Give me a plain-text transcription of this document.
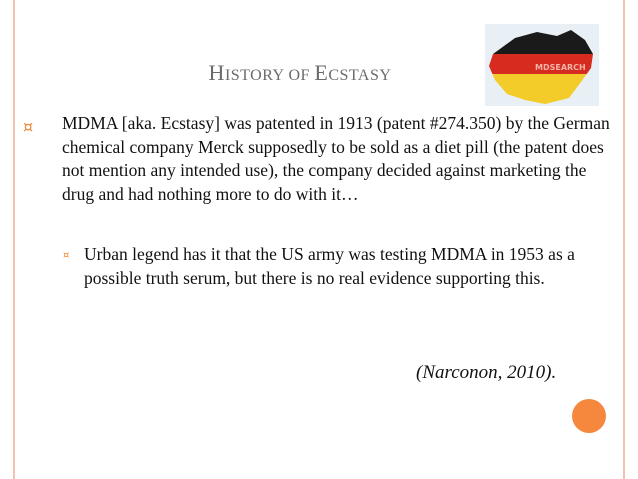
HISTORY OF ECSTASY	MDSEARCH
¤ MDMA [aka. Ecstasy] was patented in 1913 (patent #274.350) by the German chemical company Merck supposedly to be sold as a diet pill (the patent does not mention any intended use), the company decided against marketing the drug and had nothing more to do with it…
¤ Urban legend has it that the US army was testing MDMA in 1953 as a possible truth serum, but there is no real evidence supporting this.
(Narconon, 2010).
